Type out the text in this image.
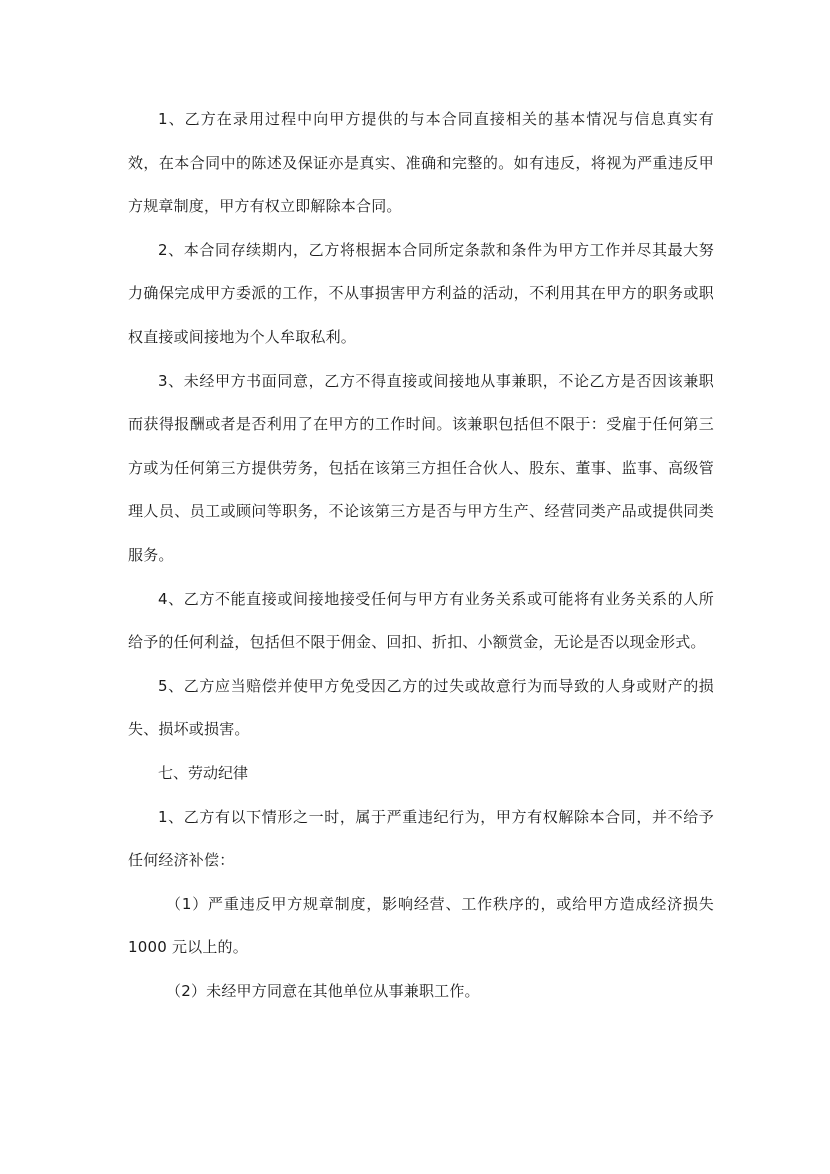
1、乙方在录用过程中向甲方提供的与本合同直接相关的基本情况与信息真实有效，在本合同中的陈述及保证亦是真实、准确和完整的。如有违反，将视为严重违反甲方规章制度，甲方有权立即解除本合同。

2、本合同存续期内，乙方将根据本合同所定条款和条件为甲方工作并尽其最大努力确保完成甲方委派的工作，不从事损害甲方利益的活动，不利用其在甲方的职务或职权直接或间接地为个人牟取私利。

3、未经甲方书面同意，乙方不得直接或间接地从事兼职，不论乙方是否因该兼职而获得报酬或者是否利用了在甲方的工作时间。该兼职包括但不限于：受雇于任何第三方或为任何第三方提供劳务，包括在该第三方担任合伙人、股东、董事、监事、高级管理人员、员工或顾问等职务，不论该第三方是否与甲方生产、经营同类产品或提供同类服务。

4、乙方不能直接或间接地接受任何与甲方有业务关系或可能将有业务关系的人所给予的任何利益，包括但不限于佣金、回扣、折扣、小额赏金，无论是否以现金形式。

5、乙方应当赔偿并使甲方免受因乙方的过失或故意行为而导致的人身或财产的损失、损坏或损害。

七、劳动纪律

1、乙方有以下情形之一时，属于严重违纪行为，甲方有权解除本合同，并不给予任何经济补偿：

（1）严重违反甲方规章制度，影响经营、工作秩序的，或给甲方造成经济损失 1000 元以上的。

（2）未经甲方同意在其他单位从事兼职工作。
